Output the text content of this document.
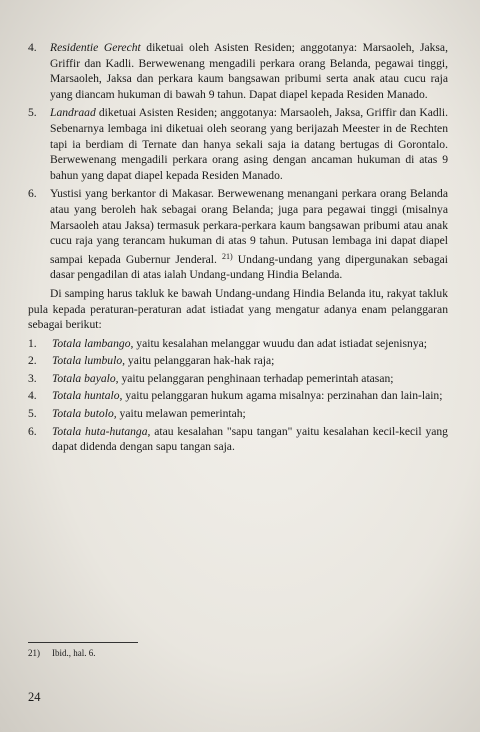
4.	Residentie Gerecht diketuai oleh Asisten Residen; anggotanya: Marsaoleh, Jaksa, Griffir dan Kadli. Berwewenang mengadili perkara orang Belanda, pegawai tinggi, Marsaoleh, Jaksa dan perkara kaum bangsawan pribumi serta anak atau cucu raja yang diancam hukuman di bawah 9 tahun. Dapat diapel kepada Residen Manado.
5.	Landraad diketuai Asisten Residen; anggotanya: Marsaoleh, Jaksa, Griffir dan Kadli. Sebenarnya lembaga ini diketuai oleh seorang yang berijazah Meester in de Rechten tapi ia berdiam di Ternate dan hanya sekali saja ia datang bertugas di Gorontalo. Berwewenang mengadili perkara orang asing dengan ancaman hukuman di atas 9 bahun yang dapat diapel kepada Residen Manado.
6.	Yustisi yang berkantor di Makasar. Berwewenang menangani perkara orang Belanda atau yang beroleh hak sebagai orang Belanda; juga para pegawai tinggi (misalnya Marsaoleh atau Jaksa) termasuk perkara-perkara kaum bangsawan pribumi atau anak cucu raja yang terancam hukuman di atas 9 tahun. Putusan lembaga ini dapat diapel sampai kepada Gubernur Jenderal. $^{21)}$ Undang-undang yang dipergunakan sebagai dasar pengadilan di atas ialah Undang-undang Hindia Belanda.

Di samping harus takluk ke bawah Undang-undang Hindia Belanda itu, rakyat takluk pula kepada peraturan-peraturan adat istiadat yang mengatur adanya enam pelanggaran sebagai berikut:

1.	Totala lambango, yaitu kesalahan melanggar wuudu dan adat istiadat sejenisnya;
2.	Totala lumbulo, yaitu pelanggaran hak-hak raja;
3.	Totala bayalo, yaitu pelanggaran penghinaan terhadap pemerintah atasan;
4.	Totala huntalo, yaitu pelanggaran hukum agama misalnya: perzinahan dan lain-lain;
5.	Totala butolo, yaitu melawan pemerintah;
6.	Totala huta-hutanga, atau kesalahan "sapu tangan" yaitu kesalahan kecil-kecil yang dapat didenda dengan sapu tangan saja.
21) Ibid., hal. 6.
24
